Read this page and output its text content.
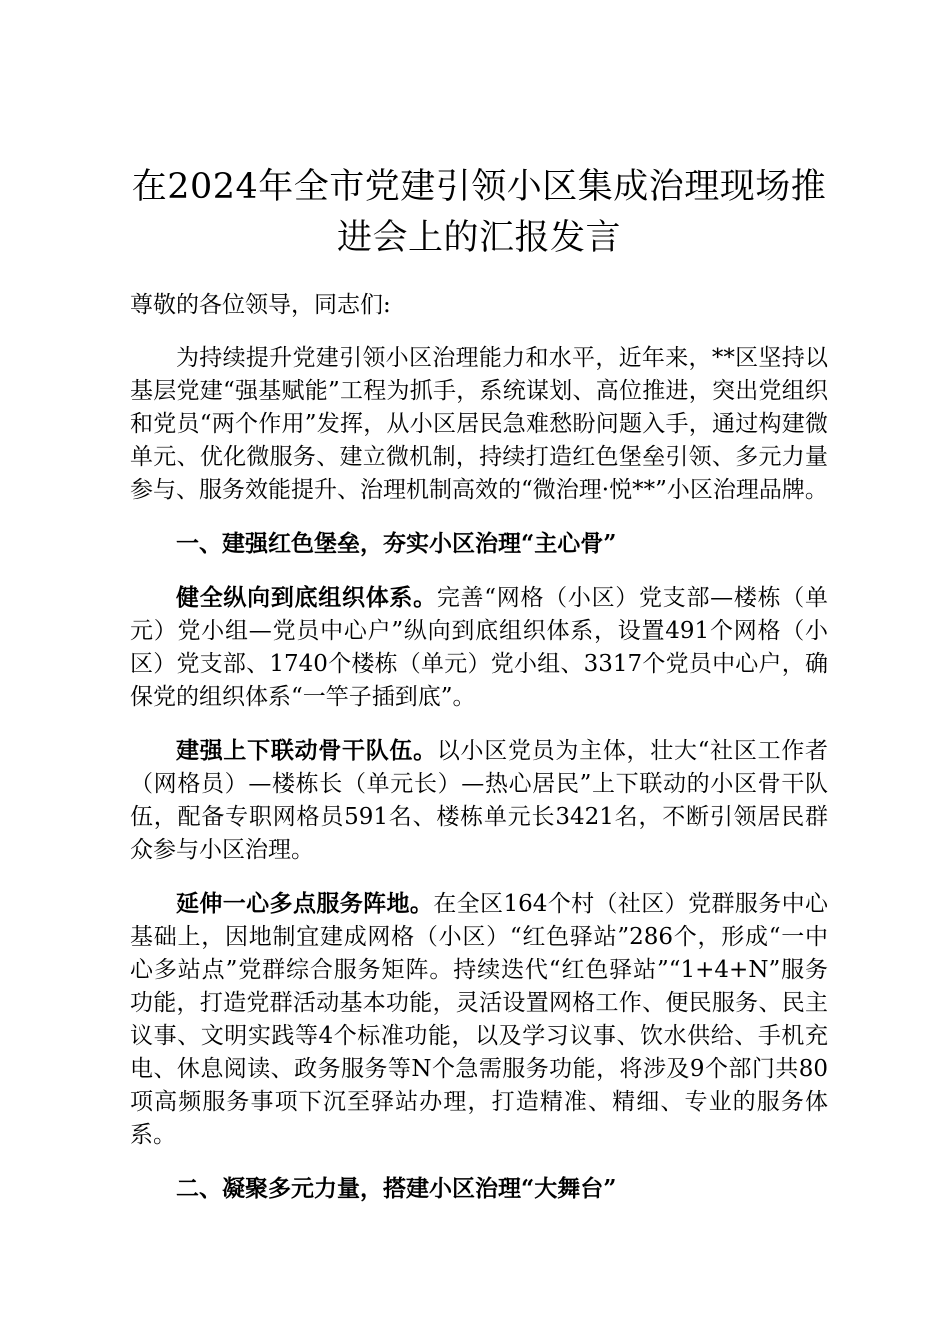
在2024年全市党建引领小区集成治理现场推
进会上的汇报发言
尊敬的各位领导，同志们:

为持续提升党建引领小区治理能力和水平，近年来，**区坚持以基层党建“强基赋能”工程为抓手，系统谋划、高位推进，突出党组织和党员“两个作用”发挥，从小区居民急难愁盼问题入手，通过构建微单元、优化微服务、建立微机制，持续打造红色堡垒引领、多元力量参与、服务效能提升、治理机制高效的“微治理·悦**”小区治理品牌。

一、建强红色堡垒，夯实小区治理“主心骨”

健全纵向到底组织体系。完善“网格（小区）党支部—楼栋（单元）党小组—党员中心户”纵向到底组织体系，设置491个网格（小区）党支部、1740个楼栋（单元）党小组、3317个党员中心户，确保党的组织体系“一竿子插到底”。

建强上下联动骨干队伍。以小区党员为主体，壮大“社区工作者（网格员）—楼栋长（单元长）—热心居民”上下联动的小区骨干队伍，配备专职网格员591名、楼栋单元长3421名，不断引领居民群众参与小区治理。

延伸一心多点服务阵地。在全区164个村（社区）党群服务中心基础上，因地制宜建成网格（小区）“红色驿站”286个，形成“一中心多站点”党群综合服务矩阵。持续迭代“红色驿站”“1+4+N”服务功能，打造党群活动基本功能，灵活设置网格工作、便民服务、民主议事、文明实践等4个标准功能，以及学习议事、饮水供给、手机充电、休息阅读、政务服务等N个急需服务功能，将涉及9个部门共80项高频服务事项下沉至驿站办理，打造精准、精细、专业的服务体系。

二、凝聚多元力量，搭建小区治理“大舞台”
